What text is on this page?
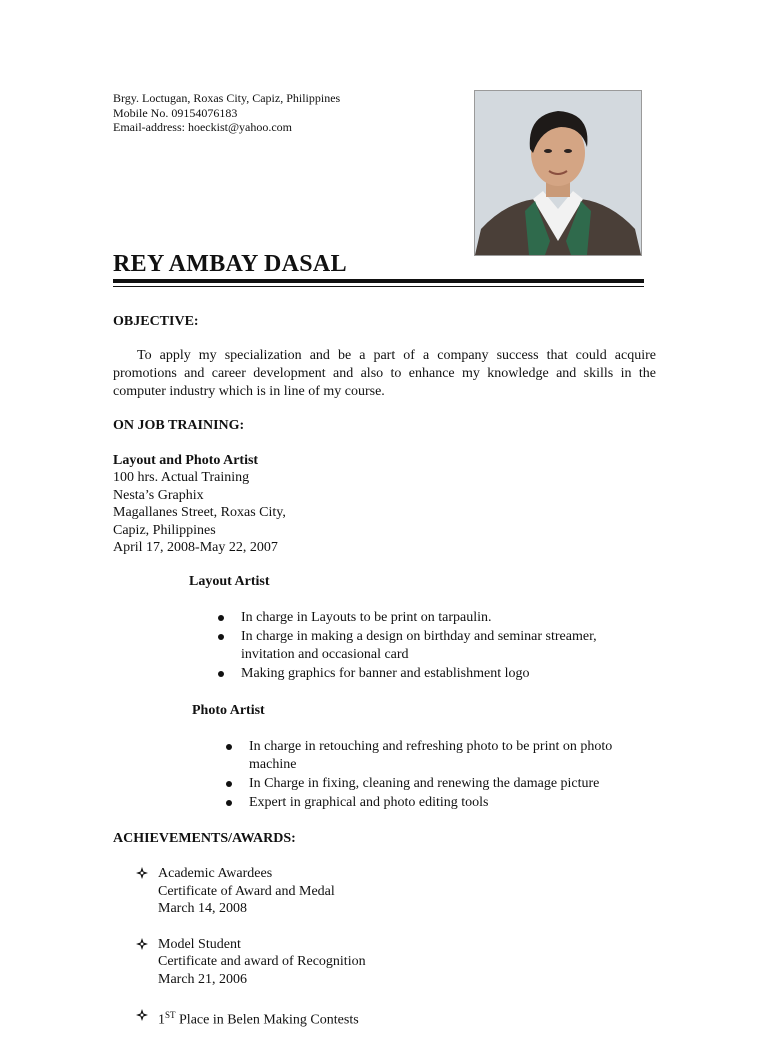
Brgy. Loctugan, Roxas City, Capiz, Philippines
Mobile No. 09154076183
Email-address: hoeckist@yahoo.com
REY AMBAY DASAL
OBJECTIVE:

To apply my specialization and be a part of a company success that could acquire promotions and career development and also to enhance my knowledge and skills in the computer industry which is in line of my course.

ON JOB TRAINING:
Layout and Photo Artist
100 hrs. Actual Training
Nesta’s Graphix
Magallanes Street, Roxas City,
Capiz, Philippines
April 17, 2008-May 22, 2007
Layout Artist
In charge in Layouts to be print on tarpaulin.
In charge in making a design on birthday and seminar streamer,
invitation and occasional card
Making graphics for banner and establishment logo
Photo Artist
In charge in retouching and refreshing photo to be print on photo
machine
In Charge in fixing, cleaning and renewing the damage picture
Expert in graphical and photo editing tools
ACHIEVEMENTS/AWARDS:
Academic Awardees
Certificate of Award and Medal
March 14, 2008
Model Student
Certificate and award of Recognition
March 21, 2006
1ST Place in Belen Making Contests
